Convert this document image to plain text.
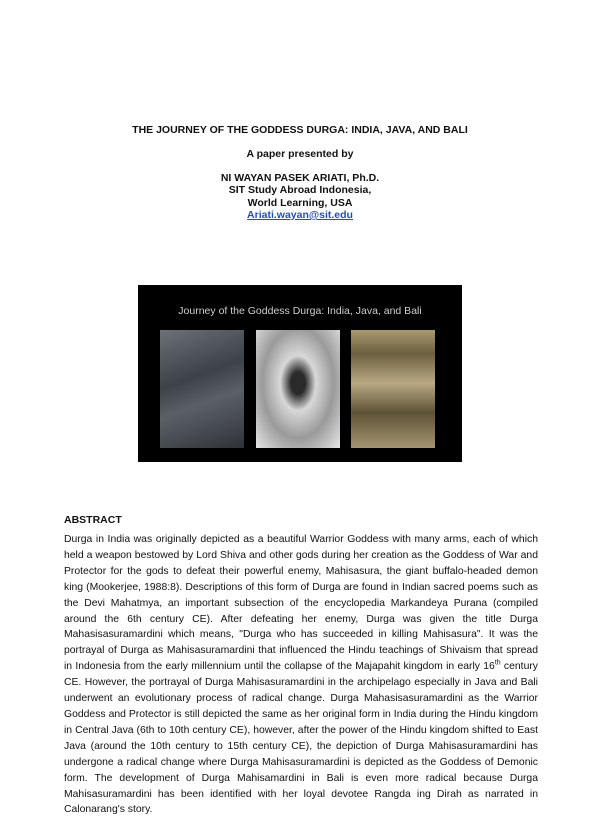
THE JOURNEY OF THE GODDESS DURGA: INDIA, JAVA, AND BALI
A paper presented by
NI WAYAN PASEK ARIATI, Ph.D.
SIT Study Abroad Indonesia,
World Learning, USA
Ariati.wayan@sit.edu
Journey of the Goddess Durga: India, Java, and Bali
ABSTRACT

Durga in India was originally depicted as a beautiful Warrior Goddess with many arms, each of which held a weapon bestowed by Lord Shiva and other gods during her creation as the Goddess of War and Protector for the gods to defeat their powerful enemy, Mahisasura, the giant buffalo-headed demon king (Mookerjee, 1988:8). Descriptions of this form of Durga are found in Indian sacred poems such as the Devi Mahatmya, an important subsection of the encyclopedia Markandeya Purana (compiled around the 6th century CE). After defeating her enemy, Durga was given the title Durga Mahasisasuramardini which means, "Durga who has succeeded in killing Mahisasura". It was the portrayal of Durga as Mahisasuramardini that influenced the Hindu teachings of Shivaism that spread in Indonesia from the early millennium until the collapse of the Majapahit kingdom in early 16th century CE. However, the portrayal of Durga Mahisasuramardini in the archipelago especially in Java and Bali underwent an evolutionary process of radical change. Durga Mahasisasuramardini as the Warrior Goddess and Protector is still depicted the same as her original form in India during the Hindu kingdom in Central Java (6th to 10th century CE), however, after the power of the Hindu kingdom shifted to East Java (around the 10th century to 15th century CE), the depiction of Durga Mahisasuramardini has undergone a radical change where Durga Mahisasuramardini is depicted as the Goddess of Demonic form. The development of Durga Mahisamardini in Bali is even more radical because Durga Mahisasuramardini has been identified with her loyal devotee Rangda ing Dirah as narrated in Calonarang's story.
